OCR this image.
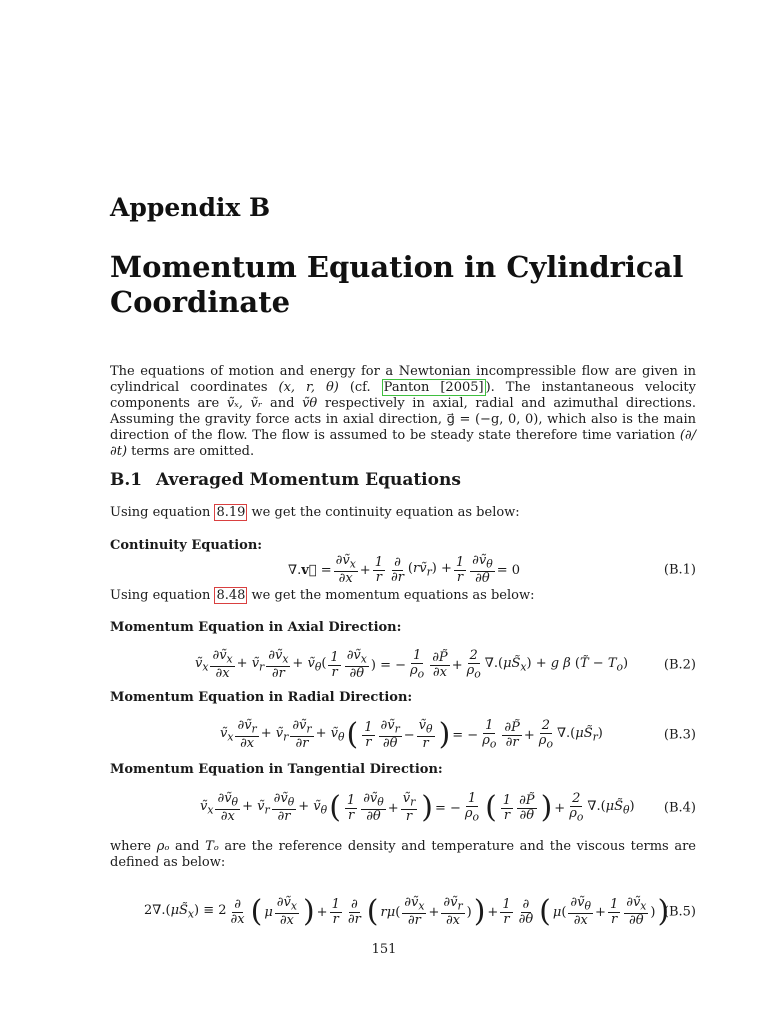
Appendix B
Momentum Equation in Cylindrical Coordinate

The equations of motion and energy for a Newtonian incompressible flow are given in cylindrical coordinates (x, r, θ) (cf. Panton [2005] ). The instantaneous velocity components are ṽₓ, ṽᵣ and ṽθ respectively in axial, radial and azimuthal directions. Assuming the gravity force acts in axial direction, g⃗ = (−g, 0, 0), which also is the main direction of the flow. The flow is assumed to be steady state therefore time variation (∂/∂t) terms are omitted.

B.1 Averaged Momentum Equations

Using equation 8.19 we get the continuity equation as below:

Continuity Equation:
∇.v⃗ = $\frac{\partial ṽ_x}{\partial x} + \frac{1}{r} \frac{\partial}{\partial r}$ (rṽ$_r$) + $\frac{1}{r} \frac{\partial ṽ_\theta}{\partial\theta} = 0$	(B.1)

Using equation 8.48 we get the momentum equations as below:

Momentum Equation in Axial Direction:
ṽ$_x$ $\frac{\partial ṽ_x}{\partial x}$ + ṽ$_r$ $\frac{\partial ṽ_x}{\partial r}$ + ṽ$_\theta$( $\frac{1}{r} \frac{\partial ṽ_x}{\partial\theta}$ ) = − $\frac{1}{\rho_o} \frac{\partial P̃}{\partial x} + \frac{2}{\rho_o}$ $\nabla.(\mu S̃_x) + g$ β (T̃ − $T_o$)	(B.2)
Momentum Equation in Radial Direction:
ṽ$_x$ $\frac{\partial ṽ_r}{\partial x}$ + ṽ$_r$ $\frac{\partial ṽ_r}{\partial r}$ + ṽ$_\theta$ ( $\frac{1}{r} \frac{\partial ṽ_r}{\partial\theta} - \frac{ṽ_\theta}{r}$ ) = − $\frac{1}{\rho_o} \frac{\partial P̃}{\partial r} + \frac{2}{\rho_o}$ $\nabla.(\mu S̃_r)$	(B.3)
Momentum Equation in Tangential Direction:
ṽ$_x$ $\frac{\partial ṽ_\theta}{\partial x}$ + ṽ$_r$ $\frac{\partial ṽ_\theta}{\partial r}$ + ṽ$_\theta$ ( $\frac{1}{r} \frac{\partial ṽ_\theta}{\partial\theta} + \frac{ṽ_r}{r}$ ) = − $\frac{1}{\rho_o}$ ( $\frac{1}{r} \frac{\partial P̃}{\partial\theta}$ ) + $\frac{2}{\rho_o}$ $\nabla.(\mu S̃_\theta)$ (B.4)

where ρₒ and Tₒ are the reference density and temperature and the viscous terms are defined as below:

$2\nabla.(\mu S̃_x) \equiv 2 \frac{\partial}{\partial x}$ ( μ $\frac{\partial ṽ_x}{\partial x}$ ) + $\frac{1}{r} \frac{\partial}{\partial r}$ ( rμ ( $\frac{\partial ṽ_x}{\partial r} + \frac{\partial ṽ_r}{\partial x}$ ) ) + $\frac{1}{r} \frac{\partial}{\partial\theta}$ ( μ ( $\frac{\partial ṽ_\theta}{\partial x} + \frac{1}{r} \frac{\partial ṽ_x}{\partial\theta}$ ) )
(B.5)
151
